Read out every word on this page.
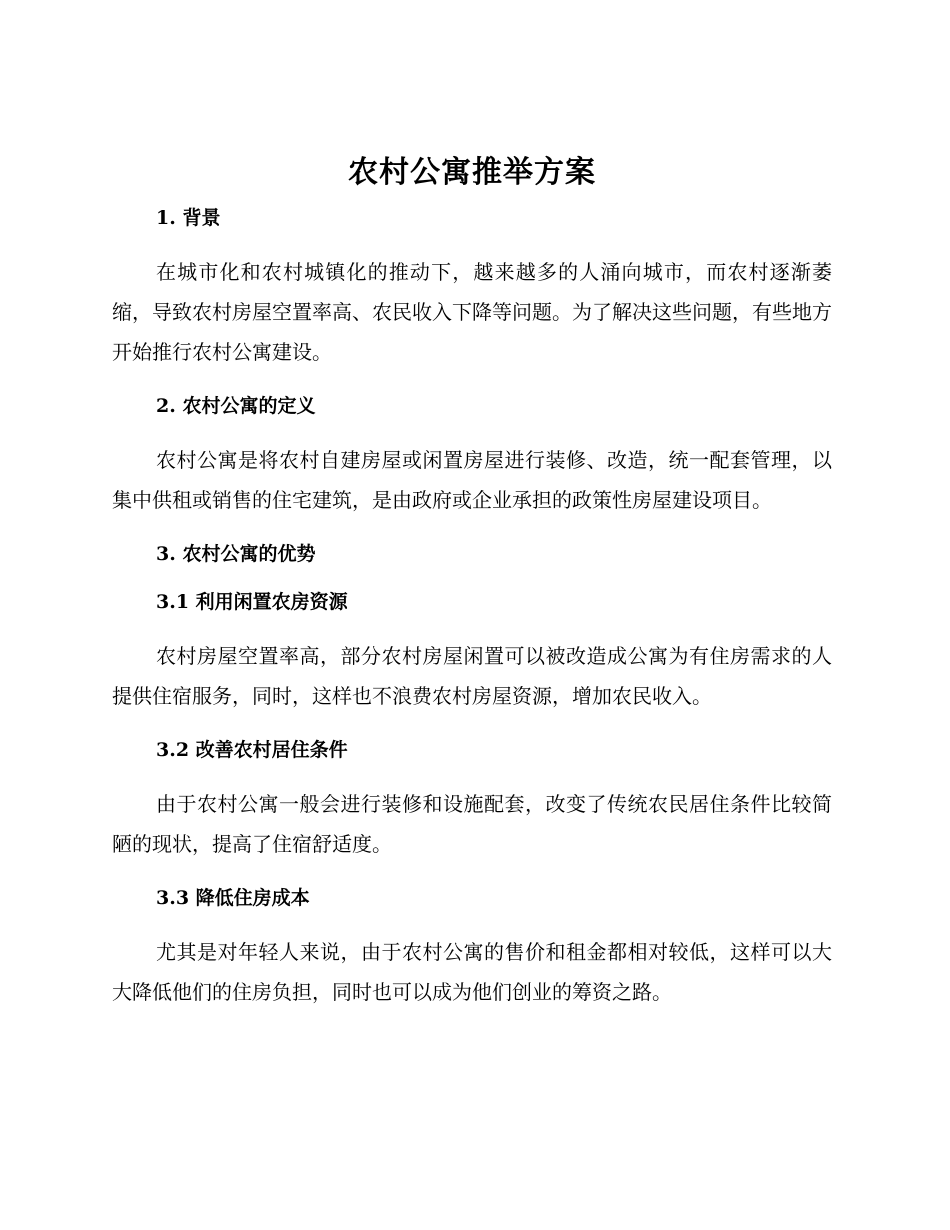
农村公寓推举方案
1. 背景

在城市化和农村城镇化的推动下，越来越多的人涌向城市，而农村逐渐萎缩，导致农村房屋空置率高、农民收入下降等问题。为了解决这些问题，有些地方开始推行农村公寓建设。

2. 农村公寓的定义

农村公寓是将农村自建房屋或闲置房屋进行装修、改造，统一配套管理，以集中供租或销售的住宅建筑，是由政府或企业承担的政策性房屋建设项目。

3. 农村公寓的优势
3.1 利用闲置农房资源

农村房屋空置率高，部分农村房屋闲置可以被改造成公寓为有住房需求的人提供住宿服务，同时，这样也不浪费农村房屋资源，增加农民收入。

3.2 改善农村居住条件

由于农村公寓一般会进行装修和设施配套，改变了传统农民居住条件比较简陋的现状，提高了住宿舒适度。

3.3 降低住房成本

尤其是对年轻人来说，由于农村公寓的售价和租金都相对较低，这样可以大大降低他们的住房负担，同时也可以成为他们创业的筹资之路。
